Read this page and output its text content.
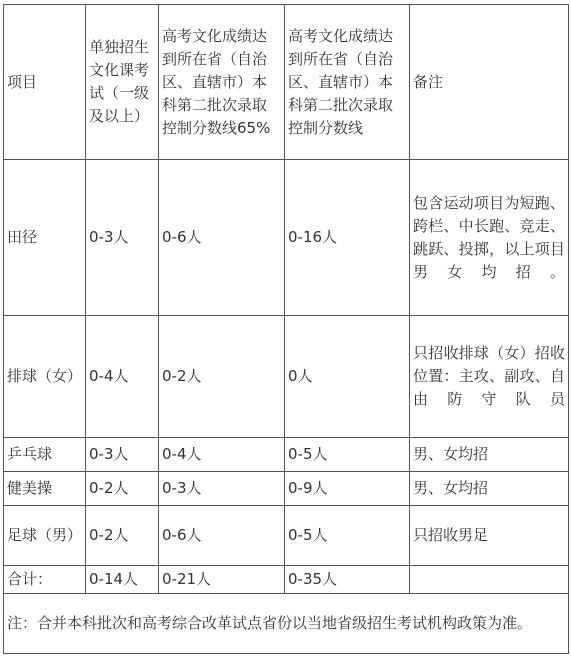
项目	单独招生文化课考试（一级及以上）	高考文化成绩达到所在省（自治区、直辖市）本科第二批次录取控制分数线65%	高考文化成绩达到所在省（自治区、直辖市）本科第二批次录取控制分数线	备注
田径	0-3人	0-6人	0-16人	包含运动项目为短跑、跨栏、中长跑、竞走、跳跃、投掷，以上项目男女均招。
排球（女）	0-4人	0-2人	0人	只招收排球（女）招收位置：主攻、副攻、自由防守队员
乒乓球	0-3人	0-4人	0-5人	男、女均招
健美操	0-2人	0-3人	0-9人	男、女均招
足球（男）	0-2人	0-6人	0-5人	只招收男足
合计：	0-14人	0-21人	0-35人	
注：合并本科批次和高考综合改革试点省份以当地省级招生考试机构政策为准。				
